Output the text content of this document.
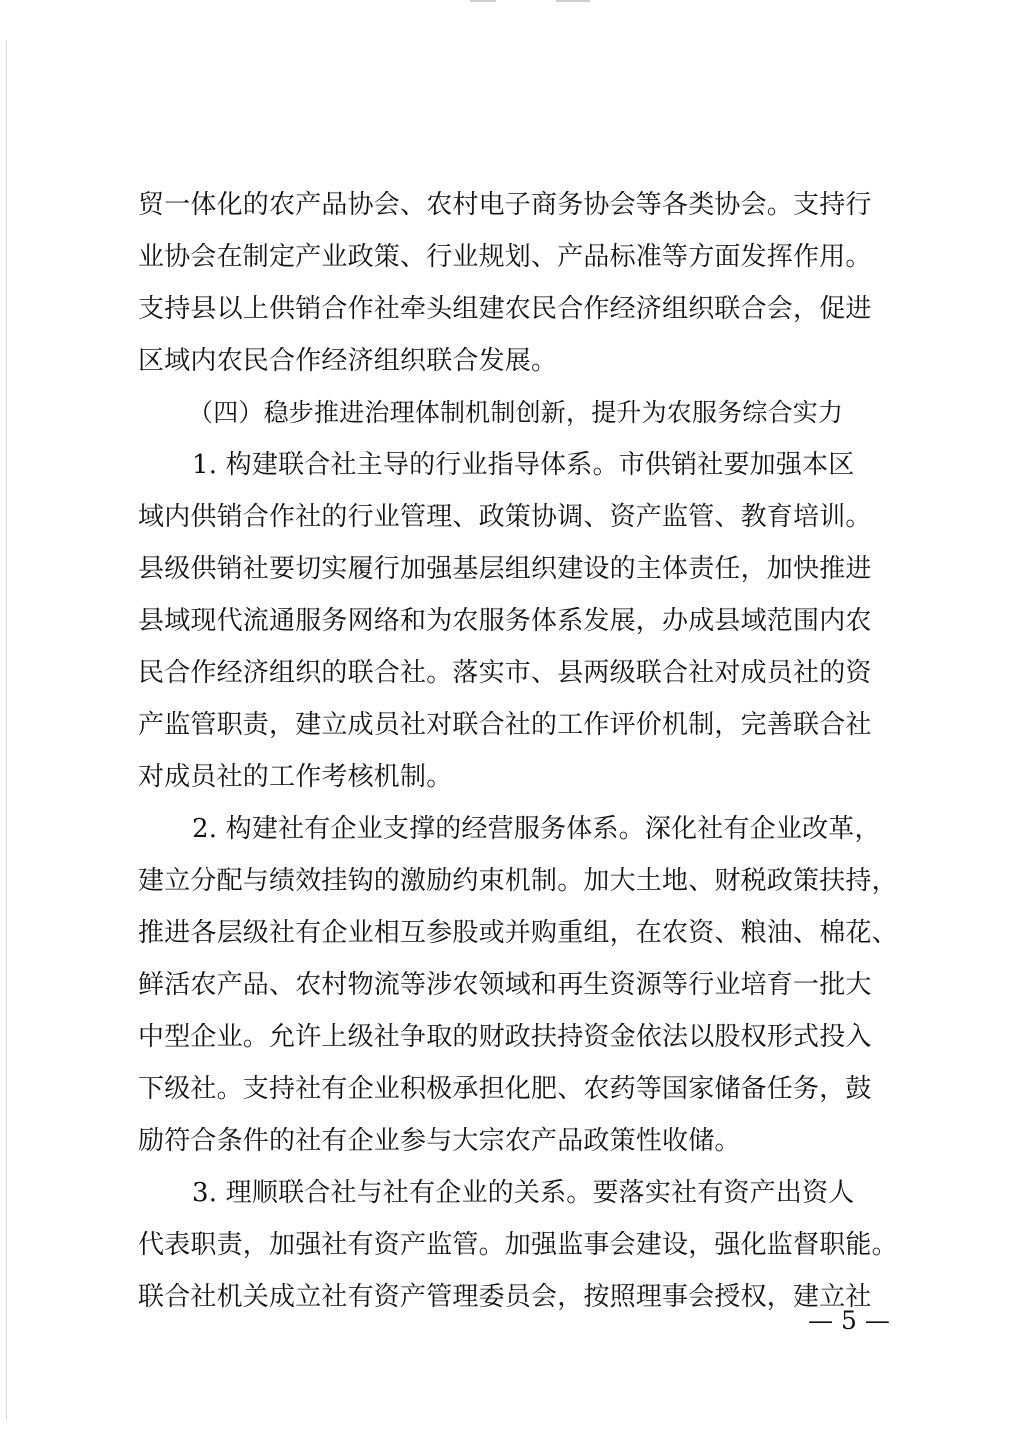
贸一体化的农产品协会、农村电子商务协会等各类协会。支持行
业协会在制定产业政策、行业规划、产品标准等方面发挥作用。
支持县以上供销合作社牵头组建农民合作经济组织联合会，促进
区域内农民合作经济组织联合发展。
（四）稳步推进治理体制机制创新，提升为农服务综合实力
1. 构建联合社主导的行业指导体系。市供销社要加强本区
域内供销合作社的行业管理、政策协调、资产监管、教育培训。
县级供销社要切实履行加强基层组织建设的主体责任，加快推进
县域现代流通服务网络和为农服务体系发展，办成县域范围内农
民合作经济组织的联合社。落实市、县两级联合社对成员社的资
产监管职责，建立成员社对联合社的工作评价机制，完善联合社
对成员社的工作考核机制。
2. 构建社有企业支撑的经营服务体系。深化社有企业改革，
建立分配与绩效挂钩的激励约束机制。加大土地、财税政策扶持，
推进各层级社有企业相互参股或并购重组，在农资、粮油、棉花、
鲜活农产品、农村物流等涉农领域和再生资源等行业培育一批大
中型企业。允许上级社争取的财政扶持资金依法以股权形式投入
下级社。支持社有企业积极承担化肥、农药等国家储备任务，鼓
励符合条件的社有企业参与大宗农产品政策性收储。
3. 理顺联合社与社有企业的关系。要落实社有资产出资人
代表职责，加强社有资产监管。加强监事会建设，强化监督职能。
联合社机关成立社有资产管理委员会，按照理事会授权，建立社
— 5 —
